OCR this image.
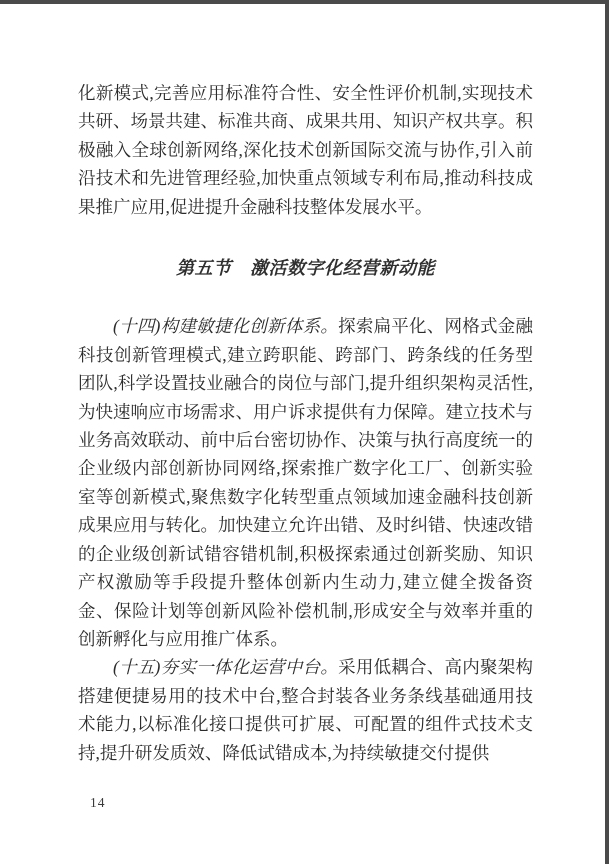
化新模式,完善应用标准符合性、安全性评价机制,实现技术共研、场景共建、标准共商、成果共用、知识产权共享。积极融入全球创新网络,深化技术创新国际交流与协作,引入前沿技术和先进管理经验,加快重点领域专利布局,推动科技成果推广应用,促进提升金融科技整体发展水平。

第五节　激活数字化经营新动能

(十四)构建敏捷化创新体系。探索扁平化、网格式金融科技创新管理模式,建立跨职能、跨部门、跨条线的任务型团队,科学设置技业融合的岗位与部门,提升组织架构灵活性,为快速响应市场需求、用户诉求提供有力保障。建立技术与业务高效联动、前中后台密切协作、决策与执行高度统一的企业级内部创新协同网络,探索推广数字化工厂、创新实验室等创新模式,聚焦数字化转型重点领域加速金融科技创新成果应用与转化。加快建立允许出错、及时纠错、快速改错的企业级创新试错容错机制,积极探索通过创新奖励、知识产权激励等手段提升整体创新内生动力,建立健全拨备资金、保险计划等创新风险补偿机制,形成安全与效率并重的创新孵化与应用推广体系。

(十五)夯实一体化运营中台。采用低耦合、高内聚架构搭建便捷易用的技术中台,整合封装各业务条线基础通用技术能力,以标准化接口提供可扩展、可配置的组件式技术支持,提升研发质效、降低试错成本,为持续敏捷交付提供

14
